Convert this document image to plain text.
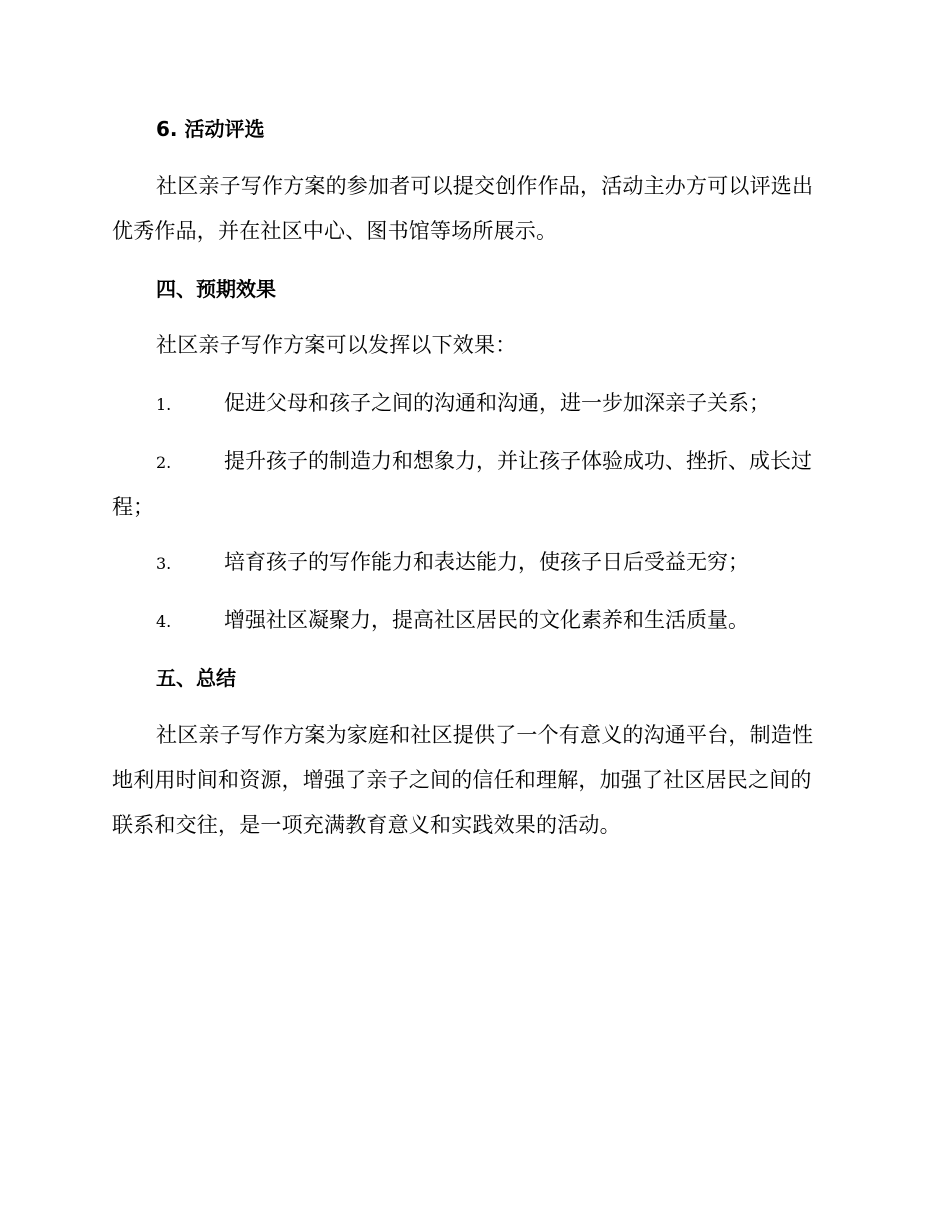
6. 活动评选

社区亲子写作方案的参加者可以提交创作作品，活动主办方可以评选出优秀作品，并在社区中心、图书馆等场所展示。

四、预期效果

社区亲子写作方案可以发挥以下效果：

1.	促进父母和孩子之间的沟通和沟通，进一步加深亲子关系；

2.	提升孩子的制造力和想象力，并让孩子体验成功、挫折、成长过程；

3.	培育孩子的写作能力和表达能力，使孩子日后受益无穷；

4.	增强社区凝聚力，提高社区居民的文化素养和生活质量。

五、总结

社区亲子写作方案为家庭和社区提供了一个有意义的沟通平台，制造性地利用时间和资源，增强了亲子之间的信任和理解，加强了社区居民之间的联系和交往，是一项充满教育意义和实践效果的活动。
